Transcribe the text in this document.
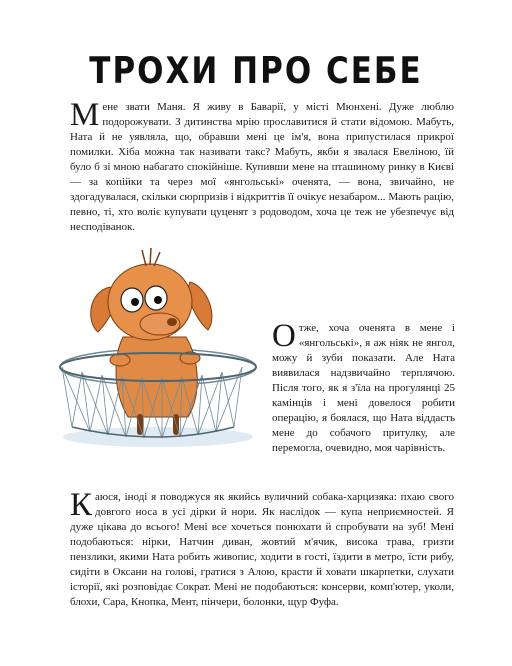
ТРОХИ ПРО СЕБЕ

Мене звати Маня. Я живу в Баварії, у місті Мюнхені. Дуже люблю подорожувати. З дитинства мрію прославитися й стати відомою. Мабуть, Ната й не уявляла, що, обравши мені це ім'я, вона припустилася прикрої помилки. Хіба можна так називати такс? Мабуть, якби я звалася Евеліною, їй було б зі мною набагато спокійніше. Купивши мене на пташиному ринку в Києві — за копійки та через мої «янгольські» оченята, — вона, звичайно, не здогадувалася, скільки сюрпризів і відкриттів її очікує незабаром... Мають рацію, певно, ті, хто воліє купувати цуценят з родоводом, хоча це теж не убезпечує від несподіванок.

Отже, хоча оченята в мене і «янгольські», я аж ніяк не янгол, можу й зуби показати. Але Ната виявилася надзвичайно терплячою. Після того, як я з'їла на прогулянці 25 камінців і мені довелося робити операцію, я боялася, що Ната віддасть мене до собачого притулку, але перемогла, очевидно, моя чарівність.

Каюся, іноді я поводжуся як якийсь вуличний собака-харцизяка: пхаю свого довгого носа в усі дірки й нори. Як наслідок — купа неприємностей. Я дуже цікава до всього! Мені все хочеться понюхати й спробувати на зуб! Мені подобаються: нірки, Натчин диван, жовтий м'ячик, висока трава, гризти пензлики, якими Ната робить живопис, ходити в гості, їздити в метро, їсти рибу, сидіти в Оксани на голові, гратися з Алою, красти й ховати шкарпетки, слухати історії, які розповідає Сократ. Мені не подобаються: консерви, комп'ютер, уколи, блохи, Сара, Кнопка, Мент, пінчери, болонки, щур Фуфа.
